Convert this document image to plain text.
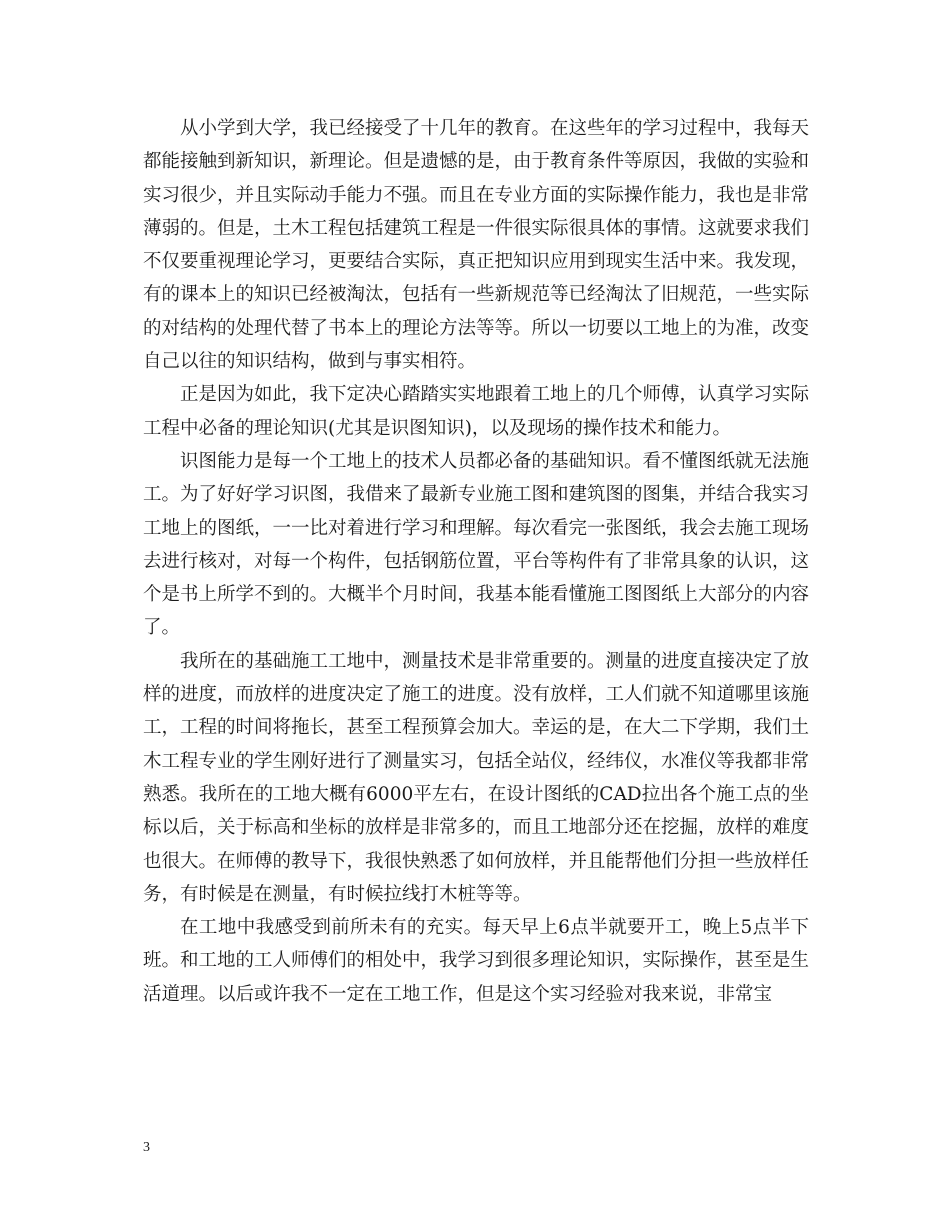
从小学到大学，我已经接受了十几年的教育。在这些年的学习过程中，我每天都能接触到新知识，新理论。但是遗憾的是，由于教育条件等原因，我做的实验和实习很少，并且实际动手能力不强。而且在专业方面的实际操作能力，我也是非常薄弱的。但是，土木工程包括建筑工程是一件很实际很具体的事情。这就要求我们不仅要重视理论学习，更要结合实际，真正把知识应用到现实生活中来。我发现，有的课本上的知识已经被淘汰，包括有一些新规范等已经淘汰了旧规范，一些实际的对结构的处理代替了书本上的理论方法等等。所以一切要以工地上的为准，改变自己以往的知识结构，做到与事实相符。

正是因为如此，我下定决心踏踏实实地跟着工地上的几个师傅，认真学习实际工程中必备的理论知识(尤其是识图知识)，以及现场的操作技术和能力。

识图能力是每一个工地上的技术人员都必备的基础知识。看不懂图纸就无法施工。为了好好学习识图，我借来了最新专业施工图和建筑图的图集，并结合我实习工地上的图纸，一一比对着进行学习和理解。每次看完一张图纸，我会去施工现场去进行核对，对每一个构件，包括钢筋位置，平台等构件有了非常具象的认识，这个是书上所学不到的。大概半个月时间，我基本能看懂施工图图纸上大部分的内容了。

我所在的基础施工工地中，测量技术是非常重要的。测量的进度直接决定了放样的进度，而放样的进度决定了施工的进度。没有放样，工人们就不知道哪里该施工，工程的时间将拖长，甚至工程预算会加大。幸运的是，在大二下学期，我们土木工程专业的学生刚好进行了测量实习，包括全站仪，经纬仪，水准仪等我都非常熟悉。我所在的工地大概有6000平左右，在设计图纸的CAD拉出各个施工点的坐标以后，关于标高和坐标的放样是非常多的，而且工地部分还在挖掘，放样的难度也很大。在师傅的教导下，我很快熟悉了如何放样，并且能帮他们分担一些放样任务，有时候是在测量，有时候拉线打木桩等等。

在工地中我感受到前所未有的充实。每天早上6点半就要开工，晚上5点半下班。和工地的工人师傅们的相处中，我学习到很多理论知识，实际操作，甚至是生活道理。以后或许我不一定在工地工作，但是这个实习经验对我来说，非常宝

3
